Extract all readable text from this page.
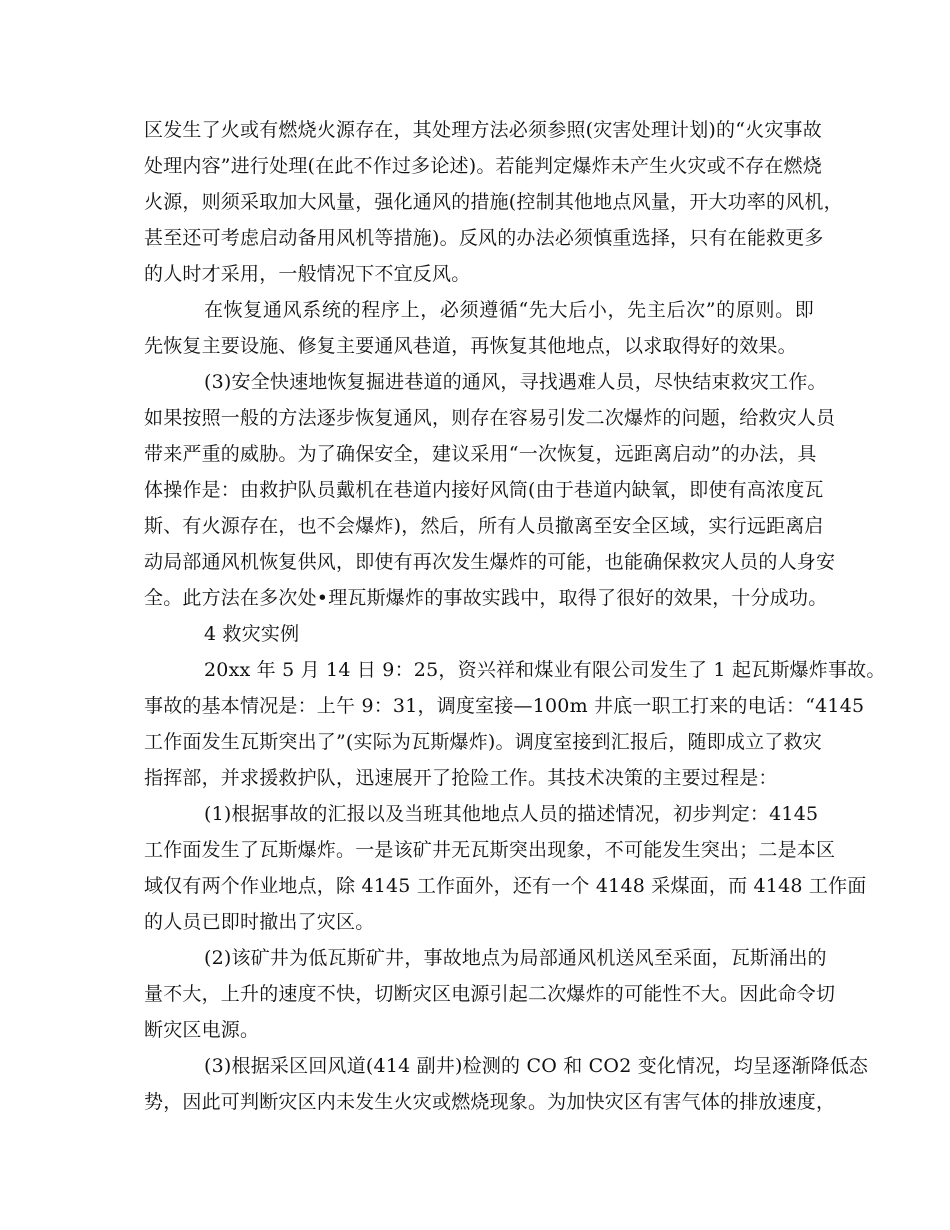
区发生了火或有燃烧火源存在，其处理方法必须参照(灾害处理计划)的“火灾事故
处理内容”进行处理(在此不作过多论述)。若能判定爆炸未产生火灾或不存在燃烧
火源，则须采取加大风量，强化通风的措施(控制其他地点风量，开大功率的风机，
甚至还可考虑启动备用风机等措施)。反风的办法必须慎重选择，只有在能救更多
的人时才采用，一般情况下不宜反风。
在恢复通风系统的程序上，必须遵循“先大后小，先主后次”的原则。即
先恢复主要设施、修复主要通风巷道，再恢复其他地点，以求取得好的效果。
(3)安全快速地恢复掘进巷道的通风，寻找遇难人员，尽快结束救灾工作。
如果按照一般的方法逐步恢复通风，则存在容易引发二次爆炸的问题，给救灾人员
带来严重的威胁。为了确保安全，建议采用“一次恢复，远距离启动”的办法，具
体操作是：由救护队员戴机在巷道内接好风筒(由于巷道内缺氧，即使有高浓度瓦
斯、有火源存在，也不会爆炸)，然后，所有人员撤离至安全区域，实行远距离启
动局部通风机恢复供风，即使有再次发生爆炸的可能，也能确保救灾人员的人身安
全。此方法在多次处•理瓦斯爆炸的事故实践中，取得了很好的效果，十分成功。
4 救灾实例
20xx 年 5 月 14 日 9：25，资兴祥和煤业有限公司发生了 1 起瓦斯爆炸事故。
事故的基本情况是：上午 9：31，调度室接—100m 井底一职工打来的电话：“4145
工作面发生瓦斯突出了”(实际为瓦斯爆炸)。调度室接到汇报后，随即成立了救灾
指挥部，并求援救护队，迅速展开了抢险工作。其技术决策的主要过程是：
(1)根据事故的汇报以及当班其他地点人员的描述情况，初步判定：4145
工作面发生了瓦斯爆炸。一是该矿井无瓦斯突出现象，不可能发生突出；二是本区
域仅有两个作业地点，除 4145 工作面外，还有一个 4148 采煤面，而 4148 工作面
的人员已即时撤出了灾区。
(2)该矿井为低瓦斯矿井，事故地点为局部通风机送风至采面，瓦斯涌出的
量不大，上升的速度不快，切断灾区电源引起二次爆炸的可能性不大。因此命令切
断灾区电源。
(3)根据采区回风道(414 副井)检测的 CO 和 CO2 变化情况，均呈逐渐降低态
势，因此可判断灾区内未发生火灾或燃烧现象。为加快灾区有害气体的排放速度，
